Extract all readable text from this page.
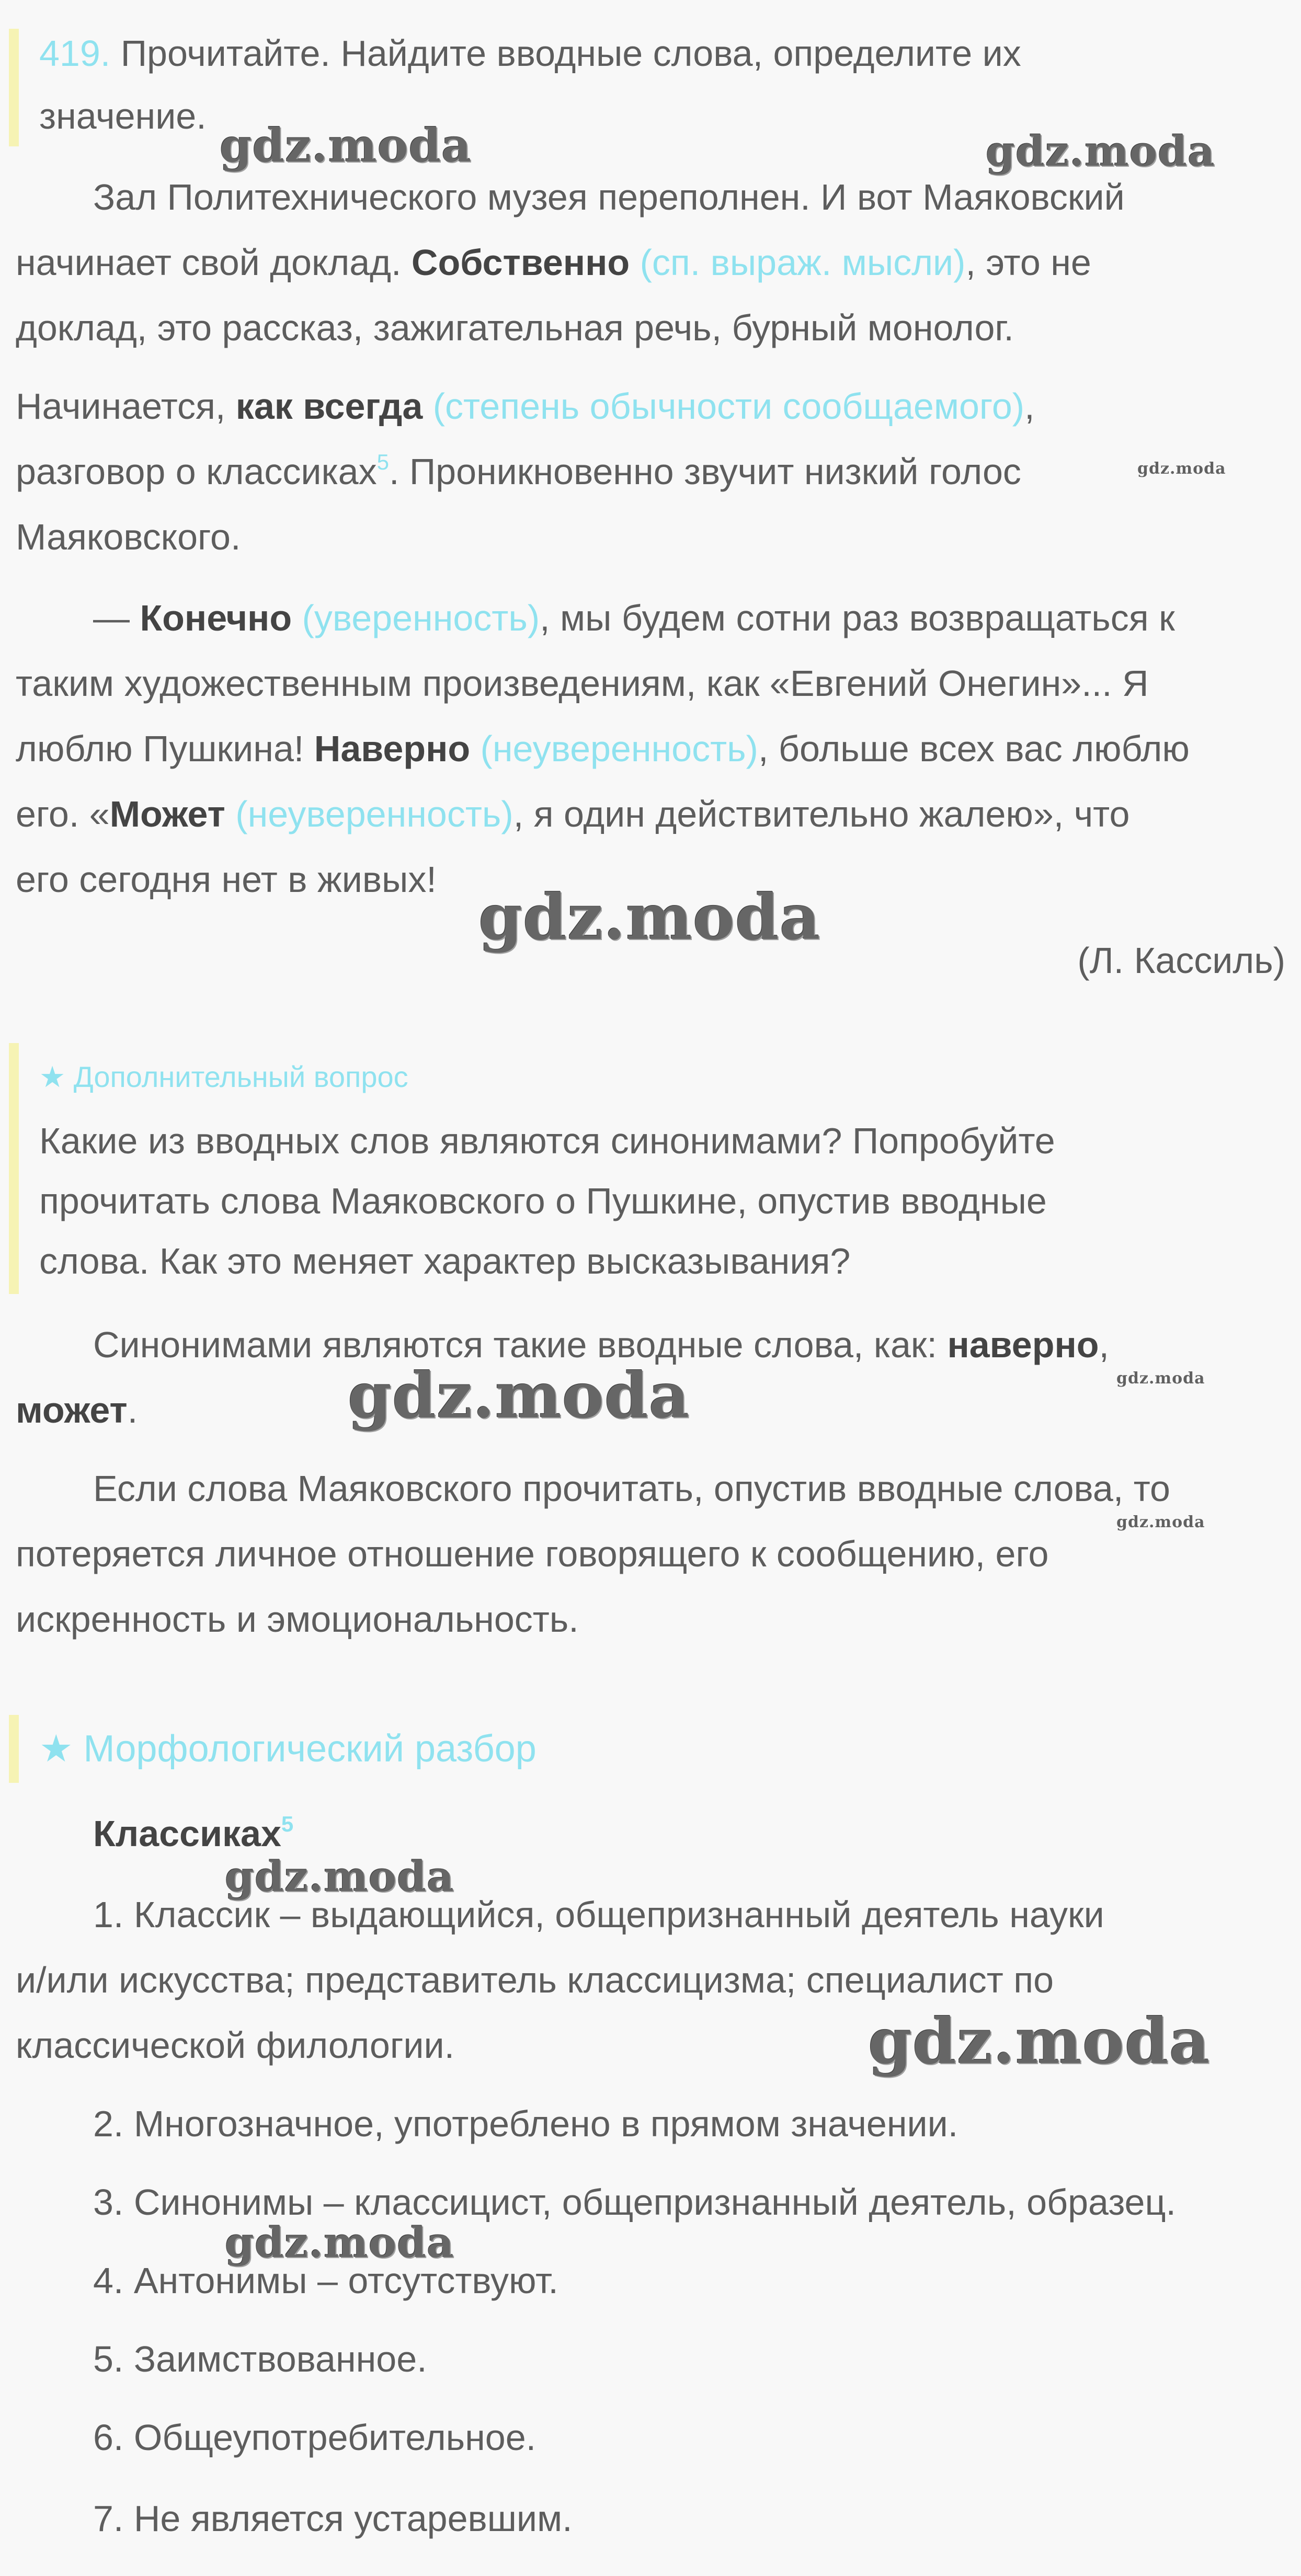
419. Прочитайте. Найдите вводные слова, определите их

значение.

Зал Политехнического музея переполнен. И вот Маяковский

начинает свой доклад. Собственно (сп. выраж. мысли), это не

доклад, это рассказ, зажигательная речь, бурный монолог.

Начинается, как всегда (степень обычности сообщаемого),

разговор о классиках$^5$. Проникновенно звучит низкий голос

Маяковского.

— Конечно (уверенность), мы будем сотни раз возвращаться к

таким художественным произведениям, как «Евгений Онегин»... Я

люблю Пушкина! Наверно (неуверенность), больше всех вас люблю

его. «Может (неуверенность), я один действительно жалею», что

его сегодня нет в живых!

(Л. Кассиль)

★ Дополнительный вопрос

Какие из вводных слов являются синонимами? Попробуйте

прочитать слова Маяковского о Пушкине, опустив вводные

слова. Как это меняет характер высказывания?

Синонимами являются такие вводные слова, как: наверно,

может.

Если слова Маяковского прочитать, опустив вводные слова, то

потеряется личное отношение говорящего к сообщению, его

искренность и эмоциональность.

★ Морфологический разбор

Классиках$^5$

1. Классик – выдающийся, общепризнанный деятель науки

и/или искусства; представитель классицизма; специалист по

классической филологии.

2. Многозначное, употреблено в прямом значении.

3. Синонимы – классицист, общепризнанный деятель, образец.

4. Антонимы – отсутствуют.

5. Заимствованное.

6. Общеупотребительное.

7. Не является устаревшим.

gdz.moda	gdz.moda
gdz.moda
gdz.moda
gdz.moda
gdz.moda
gdz.moda
gdz.moda
gdz.moda
gdz.moda
